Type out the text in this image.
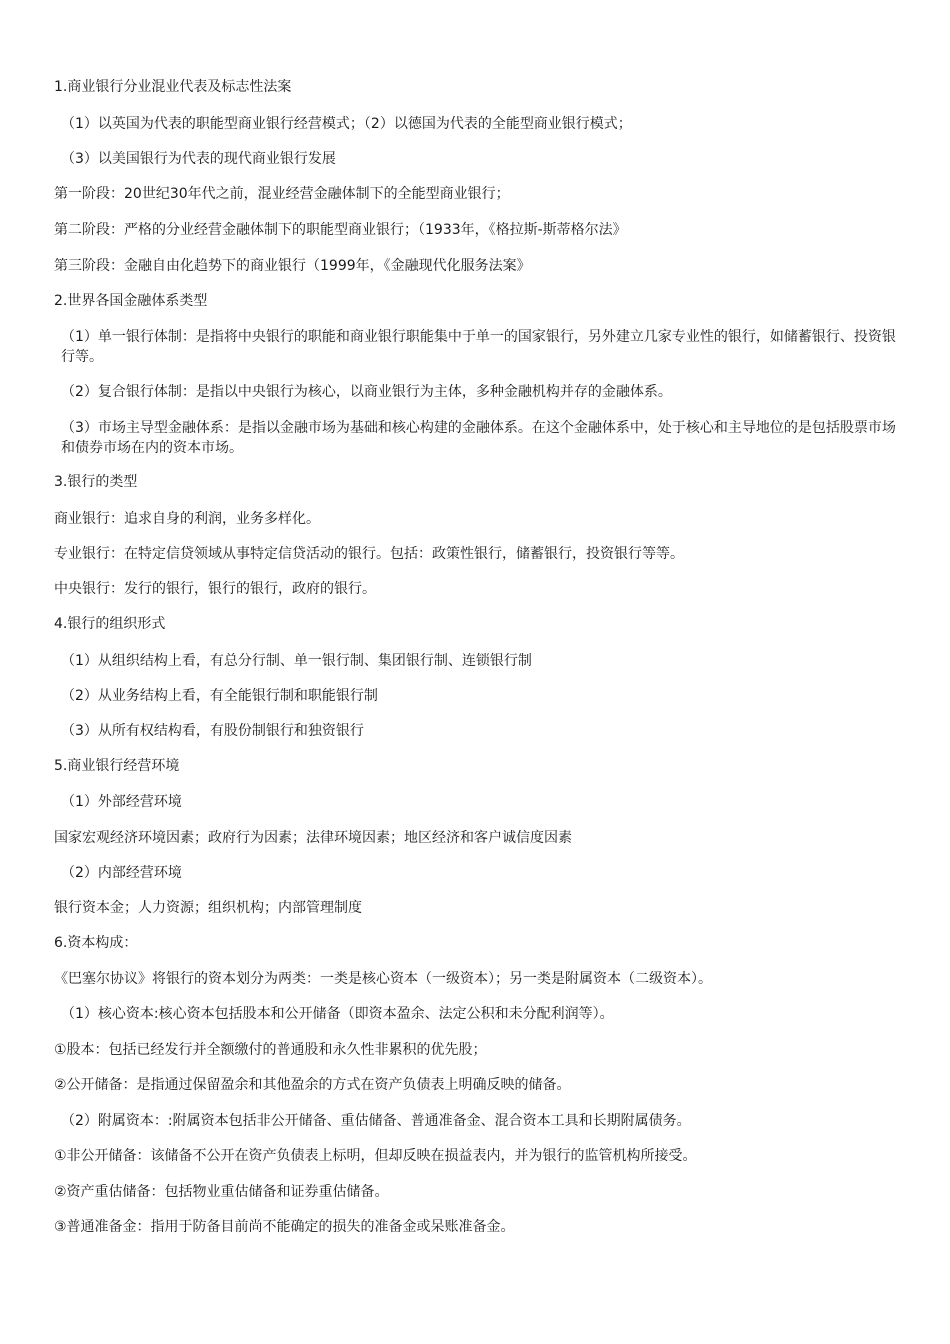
1.商业银行分业混业代表及标志性法案
（1）以英国为代表的职能型商业银行经营模式；（2）以德国为代表的全能型商业银行模式；
（3）以美国银行为代表的现代商业银行发展
第一阶段：20世纪30年代之前，混业经营金融体制下的全能型商业银行；
第二阶段：严格的分业经营金融体制下的职能型商业银行；（1933年，《格拉斯-斯蒂格尔法》
第三阶段：金融自由化趋势下的商业银行（1999年，《金融现代化服务法案》
2.世界各国金融体系类型
（1）单一银行体制：是指将中央银行的职能和商业银行职能集中于单一的国家银行，另外建立几家专业性的银行，如储蓄银行、投资银行等。
（2）复合银行体制：是指以中央银行为核心，以商业银行为主体，多种金融机构并存的金融体系。
（3）市场主导型金融体系：是指以金融市场为基础和核心构建的金融体系。在这个金融体系中，处于核心和主导地位的是包括股票市场和债券市场在内的资本市场。
3.银行的类型
商业银行：追求自身的利润，业务多样化。
专业银行：在特定信贷领域从事特定信贷活动的银行。包括：政策性银行，储蓄银行，投资银行等等。
中央银行：发行的银行，银行的银行，政府的银行。
4.银行的组织形式
（1）从组织结构上看，有总分行制、单一银行制、集团银行制、连锁银行制
（2）从业务结构上看，有全能银行制和职能银行制
（3）从所有权结构看，有股份制银行和独资银行
5.商业银行经营环境
（1）外部经营环境
国家宏观经济环境因素；政府行为因素；法律环境因素；地区经济和客户诚信度因素
（2）内部经营环境
银行资本金；人力资源；组织机构；内部管理制度
6.资本构成：
《巴塞尔协议》将银行的资本划分为两类：一类是核心资本（一级资本）；另一类是附属资本（二级资本）。
（1）核心资本:核心资本包括股本和公开储备（即资本盈余、法定公积和未分配利润等）。
①股本：包括已经发行并全额缴付的普通股和永久性非累积的优先股；
②公开储备：是指通过保留盈余和其他盈余的方式在资产负债表上明确反映的储备。
（2）附属资本：:附属资本包括非公开储备、重估储备、普通准备金、混合资本工具和长期附属债务。
①非公开储备：该储备不公开在资产负债表上标明，但却反映在损益表内，并为银行的监管机构所接受。
②资产重估储备：包括物业重估储备和证券重估储备。
③普通准备金：指用于防备目前尚不能确定的损失的准备金或呆账准备金。
